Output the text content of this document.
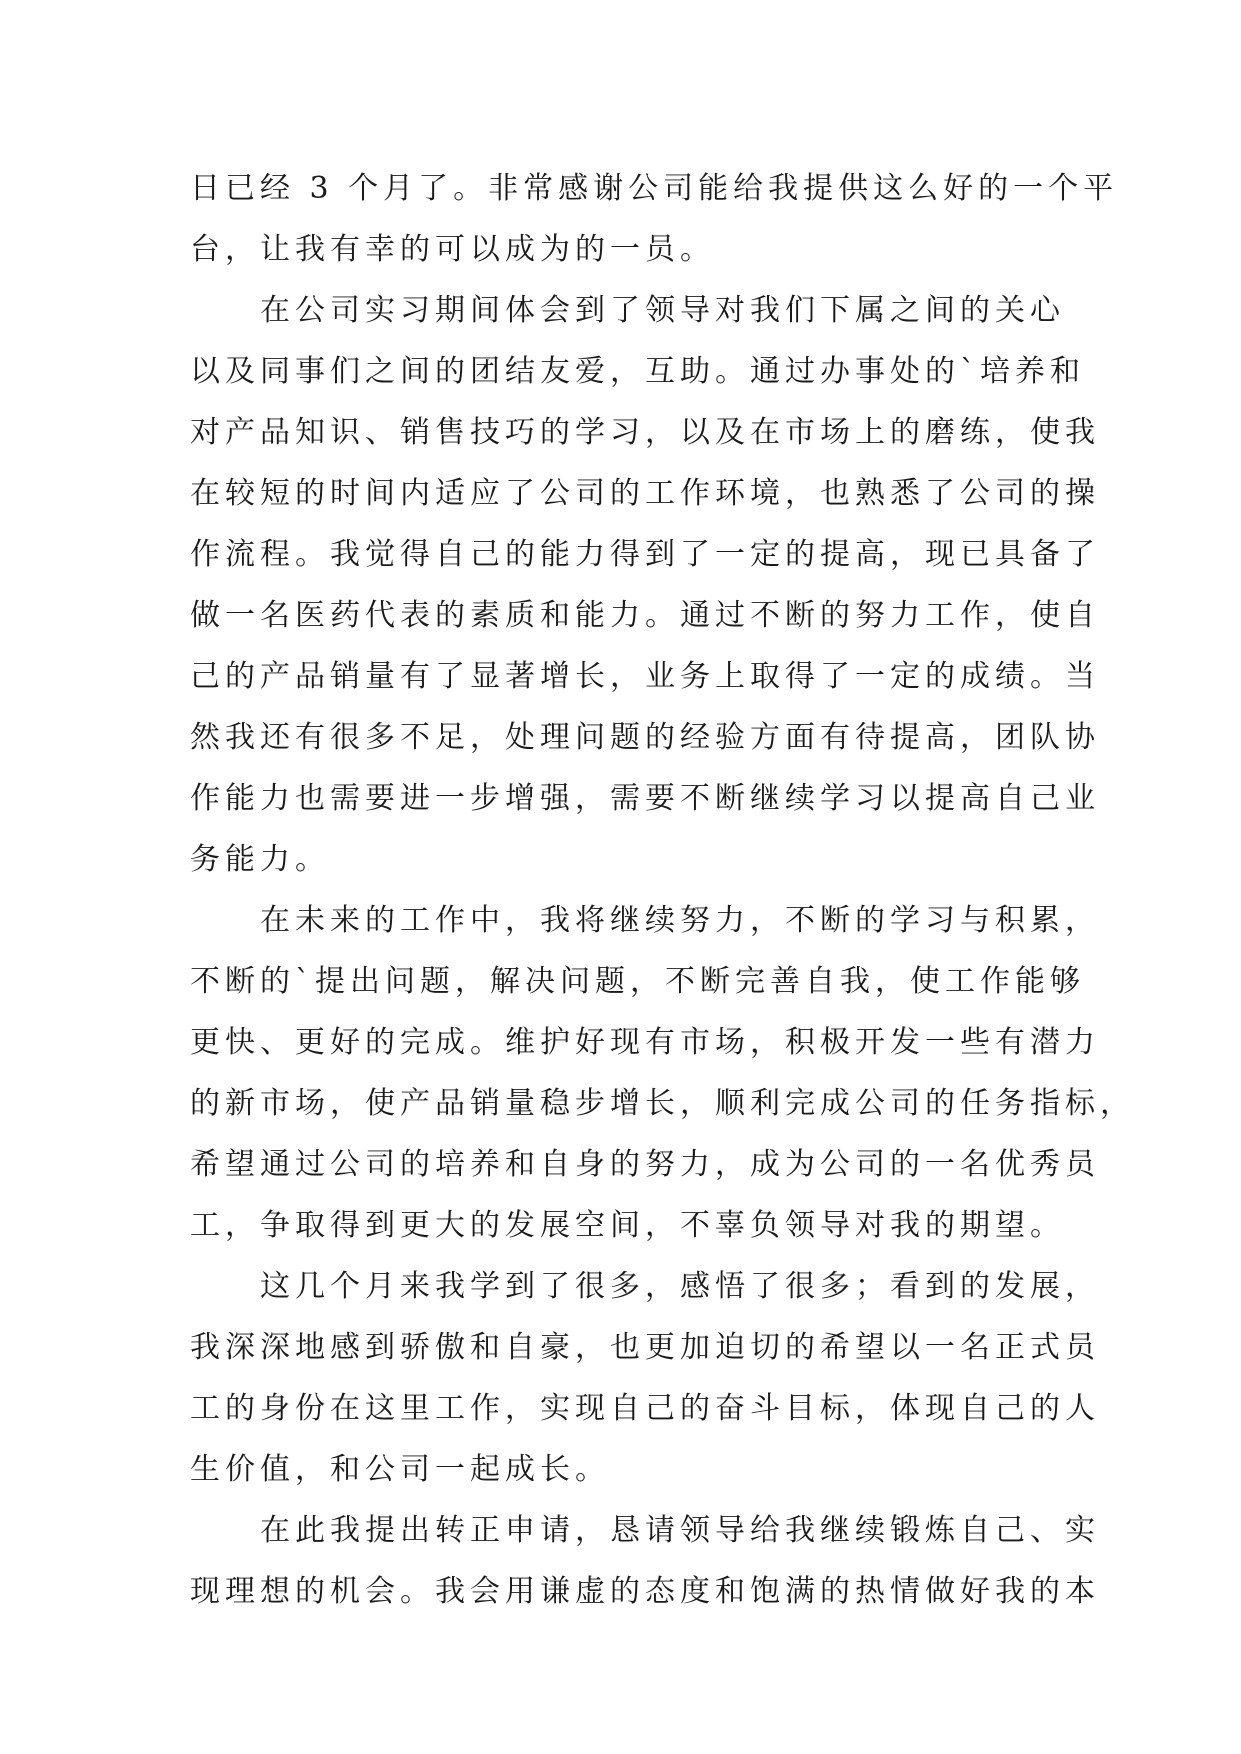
日已经 3 个月了。非常感谢公司能给我提供这么好的一个平
台，让我有幸的可以成为的一员。
在公司实习期间体会到了领导对我们下属之间的关心
以及同事们之间的团结友爱，互助。通过办事处的`培养和
对产品知识、销售技巧的学习，以及在市场上的磨练，使我
在较短的时间内适应了公司的工作环境，也熟悉了公司的操
作流程。我觉得自己的能力得到了一定的提高，现已具备了
做一名医药代表的素质和能力。通过不断的努力工作，使自
己的产品销量有了显著增长，业务上取得了一定的成绩。当
然我还有很多不足，处理问题的经验方面有待提高，团队协
作能力也需要进一步增强，需要不断继续学习以提高自己业
务能力。
在未来的工作中，我将继续努力，不断的学习与积累，
不断的`提出问题，解决问题，不断完善自我，使工作能够
更快、更好的完成。维护好现有市场，积极开发一些有潜力
的新市场，使产品销量稳步增长，顺利完成公司的任务指标，
希望通过公司的培养和自身的努力，成为公司的一名优秀员
工，争取得到更大的发展空间，不辜负领导对我的期望。
这几个月来我学到了很多，感悟了很多；看到的发展，
我深深地感到骄傲和自豪，也更加迫切的希望以一名正式员
工的身份在这里工作，实现自己的奋斗目标，体现自己的人
生价值，和公司一起成长。
在此我提出转正申请，恳请领导给我继续锻炼自己、实
现理想的机会。我会用谦虚的态度和饱满的热情做好我的本
